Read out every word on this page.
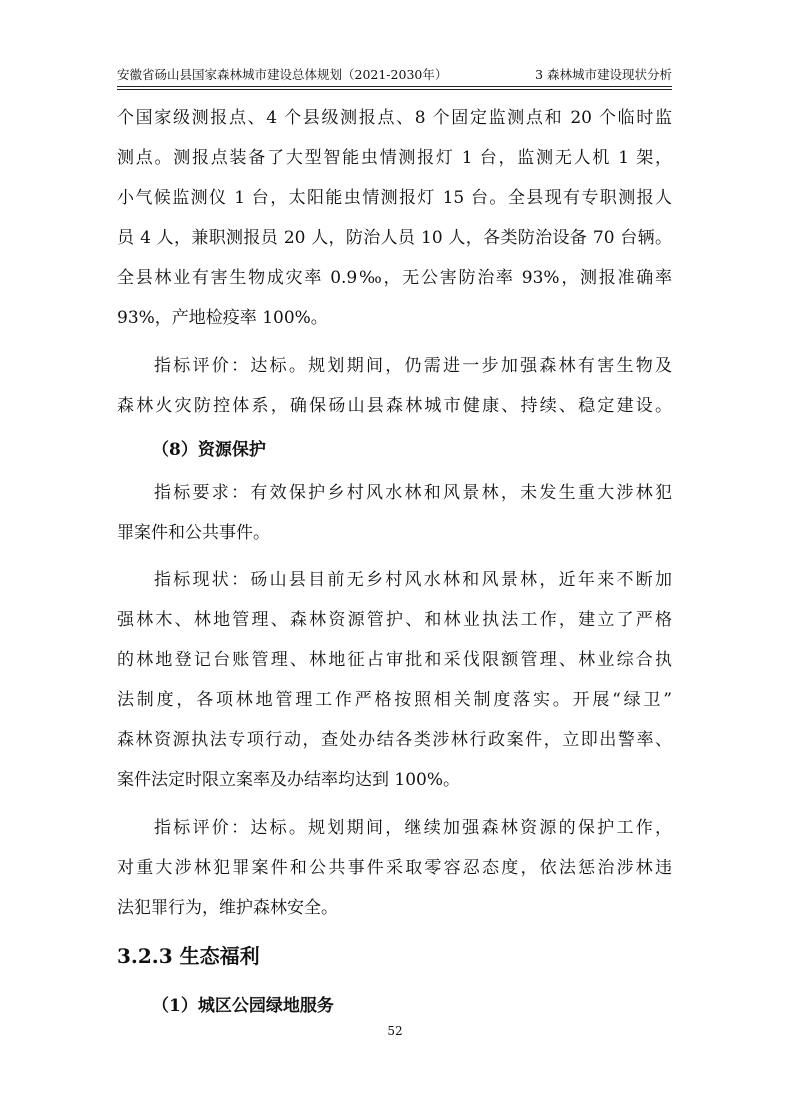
安徽省砀山县国家森林城市建设总体规划（2021-2030年）	3 森林城市建设现状分析
个国家级测报点、4 个县级测报点、8 个固定监测点和 20 个临时监
测点。测报点装备了大型智能虫情测报灯 1 台，监测无人机 1 架，
小气候监测仪 1 台，太阳能虫情测报灯 15 台。全县现有专职测报人
员 4 人，兼职测报员 20 人，防治人员 10 人，各类防治设备 70 台辆。
全县林业有害生物成灾率 0.9‰，无公害防治率 93%，测报准确率
93%，产地检疫率 100%。
指标评价：达标。规划期间，仍需进一步加强森林有害生物及
森林火灾防控体系，确保砀山县森林城市健康、持续、稳定建设。
（8）资源保护
指标要求：有效保护乡村风水林和风景林，未发生重大涉林犯
罪案件和公共事件。
指标现状：砀山县目前无乡村风水林和风景林，近年来不断加
强林木、林地管理、森林资源管护、和林业执法工作，建立了严格
的林地登记台账管理、林地征占审批和采伐限额管理、林业综合执
法制度，各项林地管理工作严格按照相关制度落实。开展“绿卫”
森林资源执法专项行动，查处办结各类涉林行政案件，立即出警率、
案件法定时限立案率及办结率均达到 100%。
指标评价：达标。规划期间，继续加强森林资源的保护工作，
对重大涉林犯罪案件和公共事件采取零容忍态度，依法惩治涉林违
法犯罪行为，维护森林安全。
3.2.3 生态福利
（1）城区公园绿地服务
52
